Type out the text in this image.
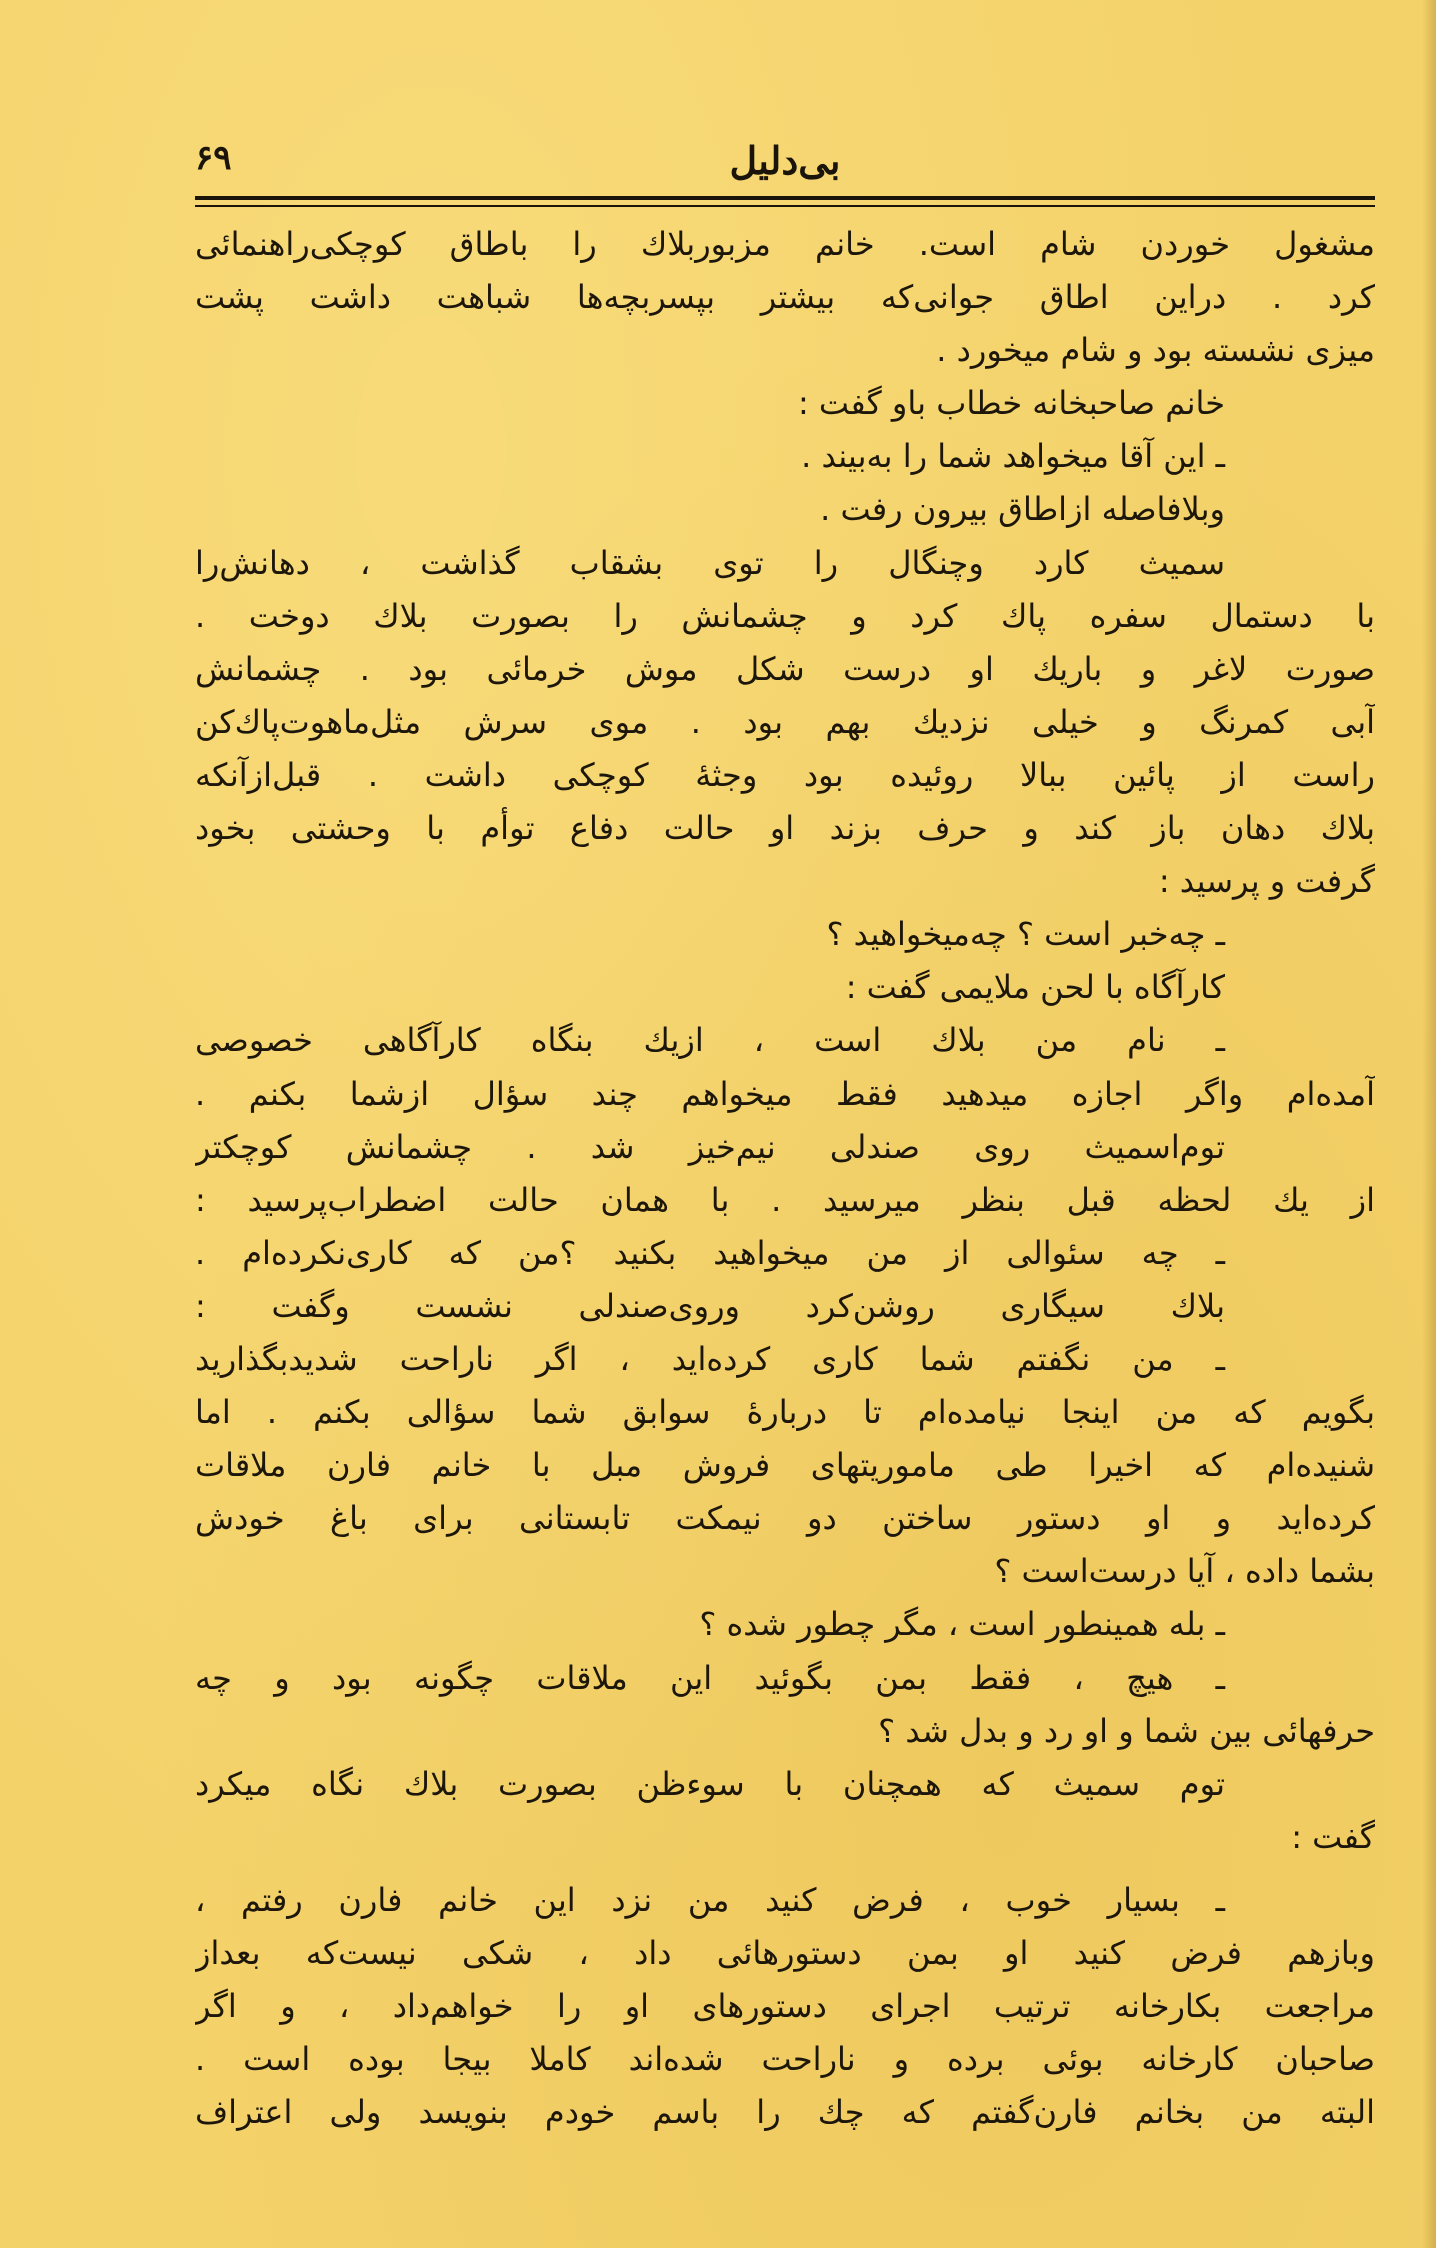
۶۹	بی‌دلیل
مشغول خوردن شام است. خانم مزبوربلاك را باطاق کوچکی‌راهنمائی
کرد . دراین اطاق جوانی‌که بیشتر بپسربچه‌ها شباهت داشت پشت
میزی نشسته بود و شام میخورد .
خانم صاحبخانه خطاب باو گفت :
ـ این آقا میخواهد شما را به‌بیند .
وبلافاصله ازاطاق بیرون رفت .
سمیث کارد وچنگال را توی بشقاب گذاشت ، دهانش‌را
با دستمال سفره پاك کرد و چشمانش را بصورت بلاك دوخت .
صورت لاغر و باریك او درست شکل موش خرمائی بود . چشمانش
آبی کمرنگ و خیلی نزدیك بهم بود . موی سرش مثل‌ماهوت‌پاك‌کن
راست از پائین ببالا روئیده بود وجثهٔ کوچکی داشت . قبل‌ازآنکه
بلاك دهان باز کند و حرف بزند او حالت دفاع توأم با وحشتی بخود
گرفت و پرسید :
ـ چه‌خبر است ؟ چه‌میخواهید ؟
کارآگاه با لحن ملایمی گفت :
ـ نام من بلاك است ، ازیك بنگاه کارآگاهی خصوصی
آمده‌ام واگر اجازه میدهید فقط میخواهم چند سؤال ازشما بکنم .
توم‌اسمیث روی صندلی نیم‌خیز شد . چشمانش کوچکتر
از یك لحظه قبل بنظر میرسید . با همان حالت اضطراب‌پرسید :
ـ چه سئوالی از من میخواهید بکنید ؟من که کاری‌نکرده‌ام .
بلاك سیگاری روشن‌کرد وروی‌صندلی نشست وگفت :
ـ من نگفتم شما کاری کرده‌اید ، اگر ناراحت شدید‌بگذارید
بگویم که من اینجا نیامده‌ام تا دربارهٔ سوابق شما سؤالی بکنم . اما
شنیده‌ام که اخیرا طی ماموریتهای فروش مبل با خانم فارن ملاقات
کرده‌اید و او دستور ساختن دو نیمکت تابستانی برای باغ خودش
بشما داده ، آیا درست‌است ؟
ـ بله همینطور است ، مگر چطور شده ؟
ـ هیچ ، فقط بمن بگوئید این ملاقات چگونه بود و چه
حرفهائی بین شما و او رد و بدل شد ؟
توم سمیث که همچنان با سوءظن بصورت بلاك نگاه میکرد
گفت :
ـ بسیار خوب ، فرض کنید من نزد این خانم فارن رفتم ،
وبازهم فرض کنید او بمن دستورهائی داد ، شکی نیست‌که بعداز
مراجعت بکارخانه ترتیب اجرای دستورهای او را خواهم‌داد ، و اگر
صاحبان کارخانه بوئی برده و ناراحت شده‌اند کاملا بیجا بوده است .
البته من بخانم فارن‌گفتم که چك را باسم خودم بنویسد ولی اعتراف
